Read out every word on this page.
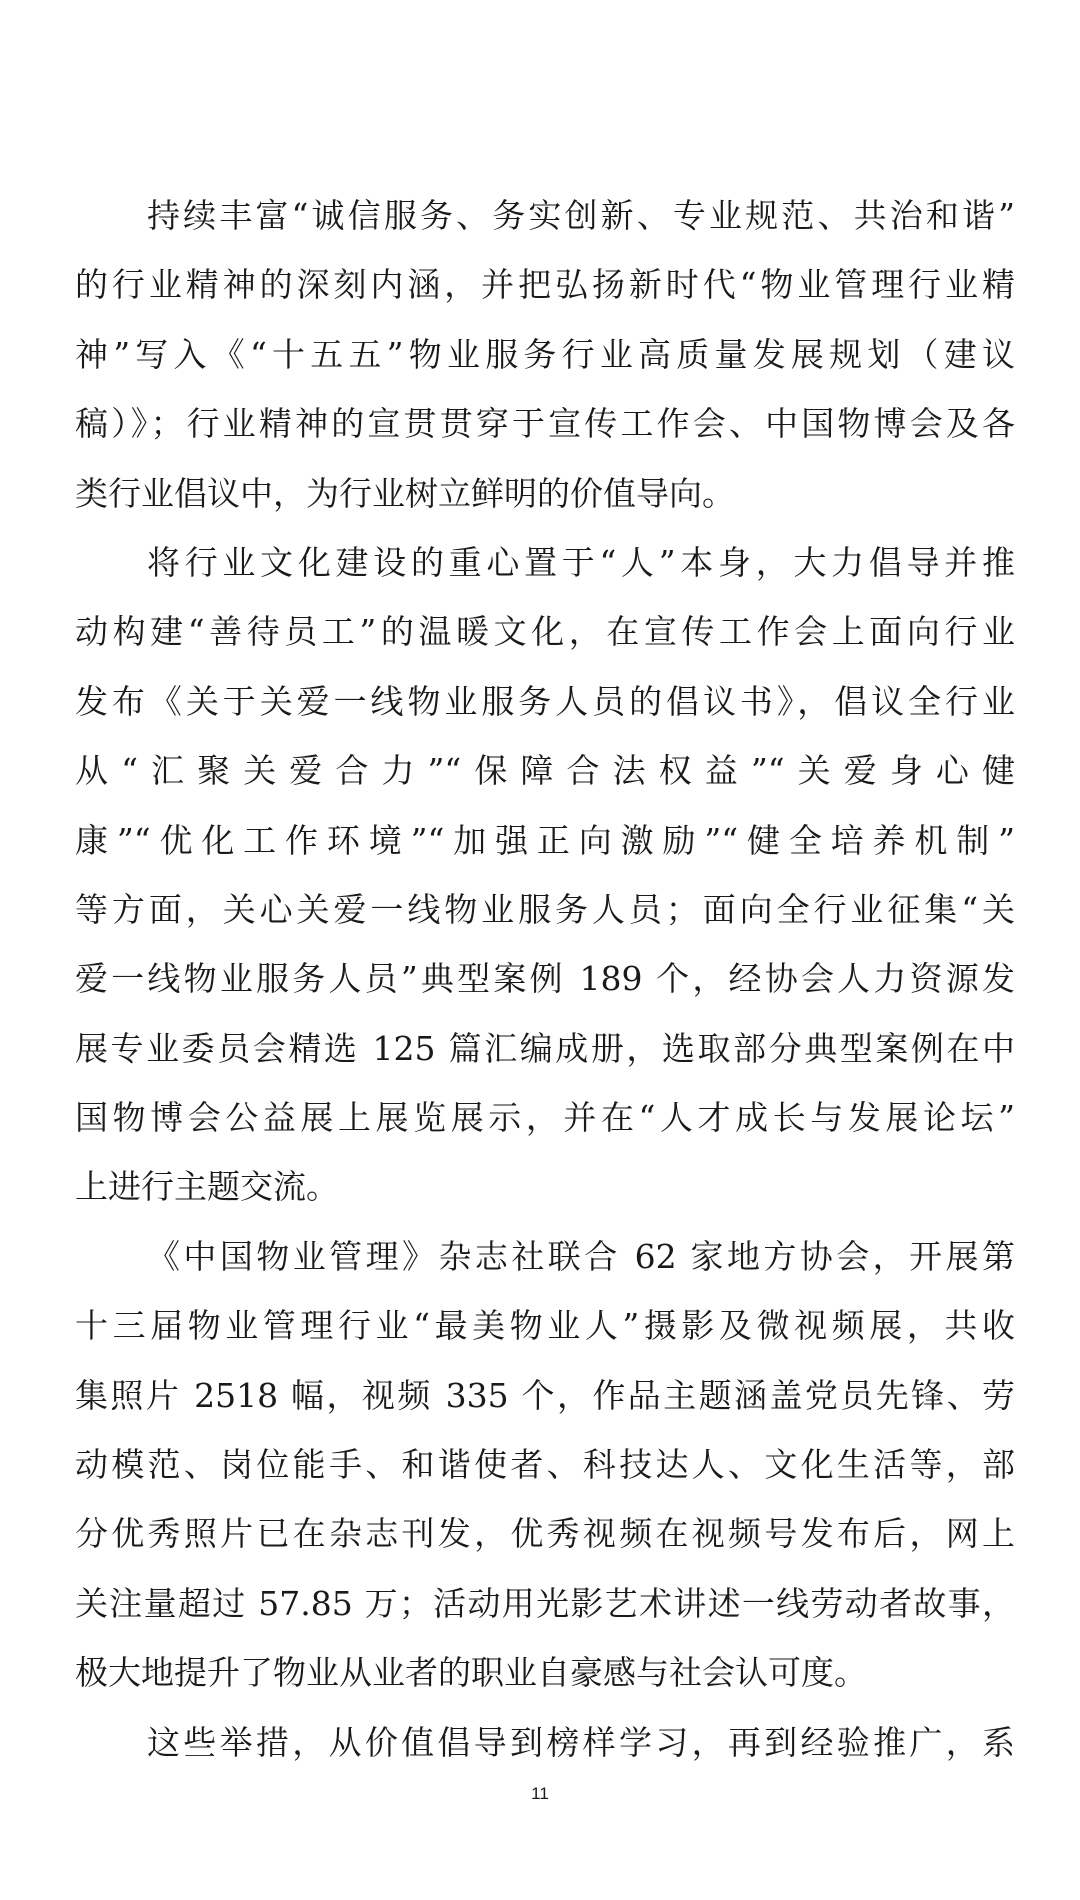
持续丰富“诚信服务、务实创新、专业规范、共治和谐”
的行业精神的深刻内涵，并把弘扬新时代“物业管理行业精
神”写入《“十五五”物业服务行业高质量发展规划（建议
稿）》；行业精神的宣贯贯穿于宣传工作会、中国物博会及各
类行业倡议中，为行业树立鲜明的价值导向。
将行业文化建设的重心置于“人”本身，大力倡导并推
动构建“善待员工”的温暖文化，在宣传工作会上面向行业
发布《关于关爱一线物业服务人员的倡议书》，倡议全行业
从“汇聚关爱合力”“保障合法权益”“关爱身心健
康”“优化工作环境”“加强正向激励”“健全培养机制”
等方面，关心关爱一线物业服务人员；面向全行业征集“关
爱一线物业服务人员”典型案例 189 个，经协会人力资源发
展专业委员会精选 125 篇汇编成册，选取部分典型案例在中
国物博会公益展上展览展示，并在“人才成长与发展论坛”
上进行主题交流。
《中国物业管理》杂志社联合 62 家地方协会，开展第
十三届物业管理行业“最美物业人”摄影及微视频展，共收
集照片 2518 幅，视频 335 个，作品主题涵盖党员先锋、劳
动模范、岗位能手、和谐使者、科技达人、文化生活等，部
分优秀照片已在杂志刊发，优秀视频在视频号发布后，网上
关注量超过 57.85 万；活动用光影艺术讲述一线劳动者故事，
极大地提升了物业从业者的职业自豪感与社会认可度。
这些举措，从价值倡导到榜样学习，再到经验推广，系
11
